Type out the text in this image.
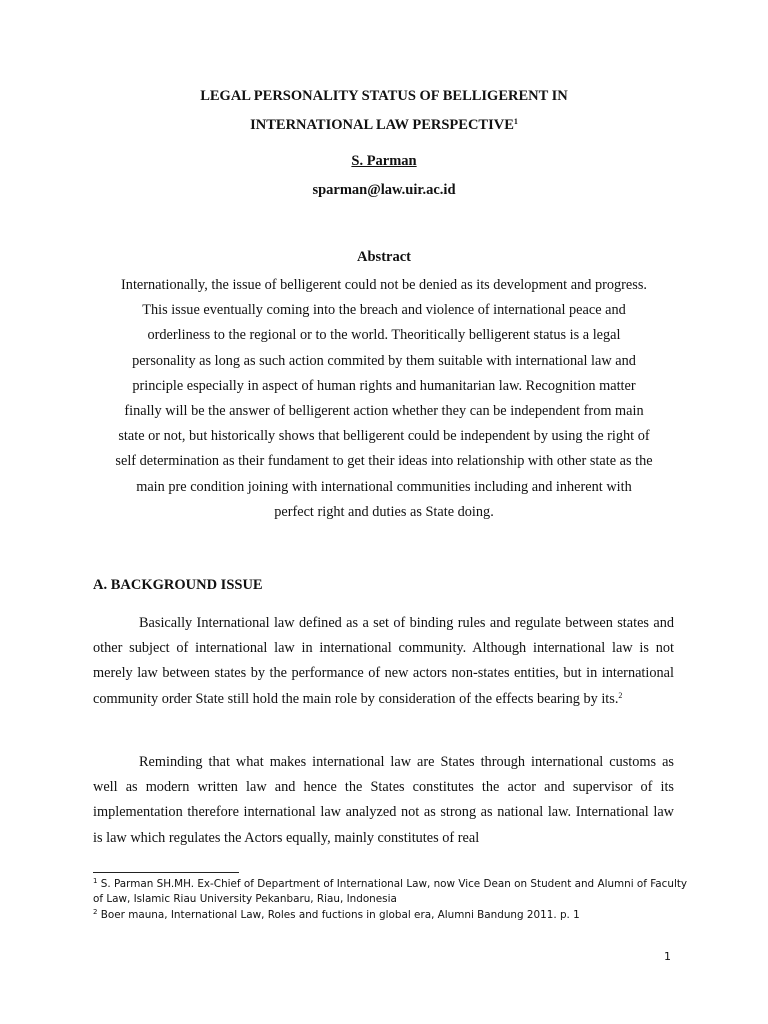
LEGAL PERSONALITY STATUS OF BELLIGERENT IN
INTERNATIONAL LAW PERSPECTIVE$^1$
S. Parman
sparman@law.uir.ac.id
Abstract
Internationally, the issue of belligerent could not be denied as its development and progress.
This issue eventually coming into the breach and violence of international peace and
orderliness to the regional or to the world. Theoritically belligerent status is a legal
personality as long as such action commited by them suitable with international law and
principle especially in aspect of human rights and humanitarian law. Recognition matter
finally will be the answer of belligerent action whether they can be independent from main
state or not, but historically shows that belligerent could be independent by using the right of
self determination as their fundament to get their ideas into relationship with other state as the
main pre condition joining with international communities including and inherent with
perfect right and duties as State doing.
A. BACKGROUND ISSUE
Basically International law defined as a set of binding rules and regulate between states and other subject of international law in international community. Although international law is not merely law between states by the performance of new actors non-states entities, but in international community order State still hold the main role by consideration of the effects bearing by its.$^2$
Reminding that what makes international law are States through international customs as well as modern written law and hence the States constitutes the actor and supervisor of its implementation therefore international law analyzed not as strong as national law. International law is law which regulates the Actors equally, mainly constitutes of real
$^1$ S. Parman SH.MH. Ex-Chief of Department of International Law, now Vice Dean on Student and Alumni of Faculty of Law, Islamic Riau University Pekanbaru, Riau, Indonesia
$^2$ Boer mauna, International Law, Roles and fuctions in global era, Alumni Bandung 2011. p. 1
1
